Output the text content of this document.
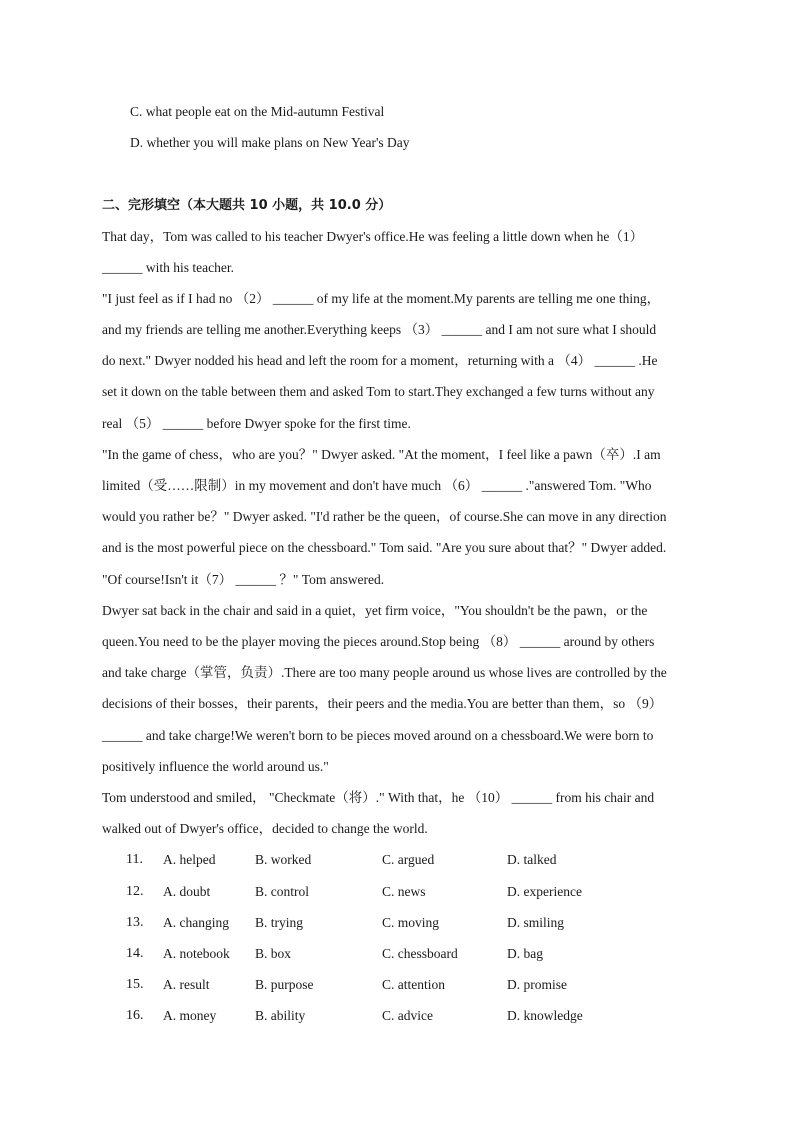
C. what people eat on the Mid-autumn Festival
D. whether you will make plans on New Year's Day
二、完形填空（本大题共 10 小题，共 10.0 分）
That day，Tom was called to his teacher Dwyer's office.He was feeling a little down when he（1）
______ with his teacher.
"I just feel as if I had no （2） ______ of my life at the moment.My parents are telling me one thing，
and my friends are telling me another.Everything keeps （3） ______ and I am not sure what I should
do next." Dwyer nodded his head and left the room for a moment，returning with a （4） ______ .He
set it down on the table between them and asked Tom to start.They exchanged a few turns without any
real （5） ______ before Dwyer spoke for the first time.
"In the game of chess，who are you？" Dwyer asked. "At the moment，I feel like a pawn（卒）.I am
limited（受……限制）in my movement and don't have much （6） ______ ."answered Tom. "Who
would you rather be？" Dwyer asked. "I'd rather be the queen，of course.She can move in any direction
and is the most powerful piece on the chessboard." Tom said. "Are you sure about that？" Dwyer added.
"Of course!Isn't it（7） ______ ？" Tom answered.
Dwyer sat back in the chair and said in a quiet，yet firm voice，"You shouldn't be the pawn，or the
queen.You need to be the player moving the pieces around.Stop being （8） ______ around by others
and take charge（掌管，负责）.There are too many people around us whose lives are controlled by the
decisions of their bosses，their parents，their peers and the media.You are better than them，so （9）
______ and take charge!We weren't born to be pieces moved around on a chessboard.We were born to
positively influence the world around us."
Tom understood and smiled， "Checkmate（将）." With that，he （10） ______ from his chair and
walked out of Dwyer's office，decided to change the world.
11. A. helped	B. worked	C. argued	D. talked
12. A. doubt	B. control	C. news	D. experience
13. A. changing B. trying	C. moving	D. smiling
14. A. notebook B. box	C. chessboard	D. bag
15. A. result	B. purpose	C. attention	D. promise
16. A. money	B. ability	C. advice	D. knowledge
